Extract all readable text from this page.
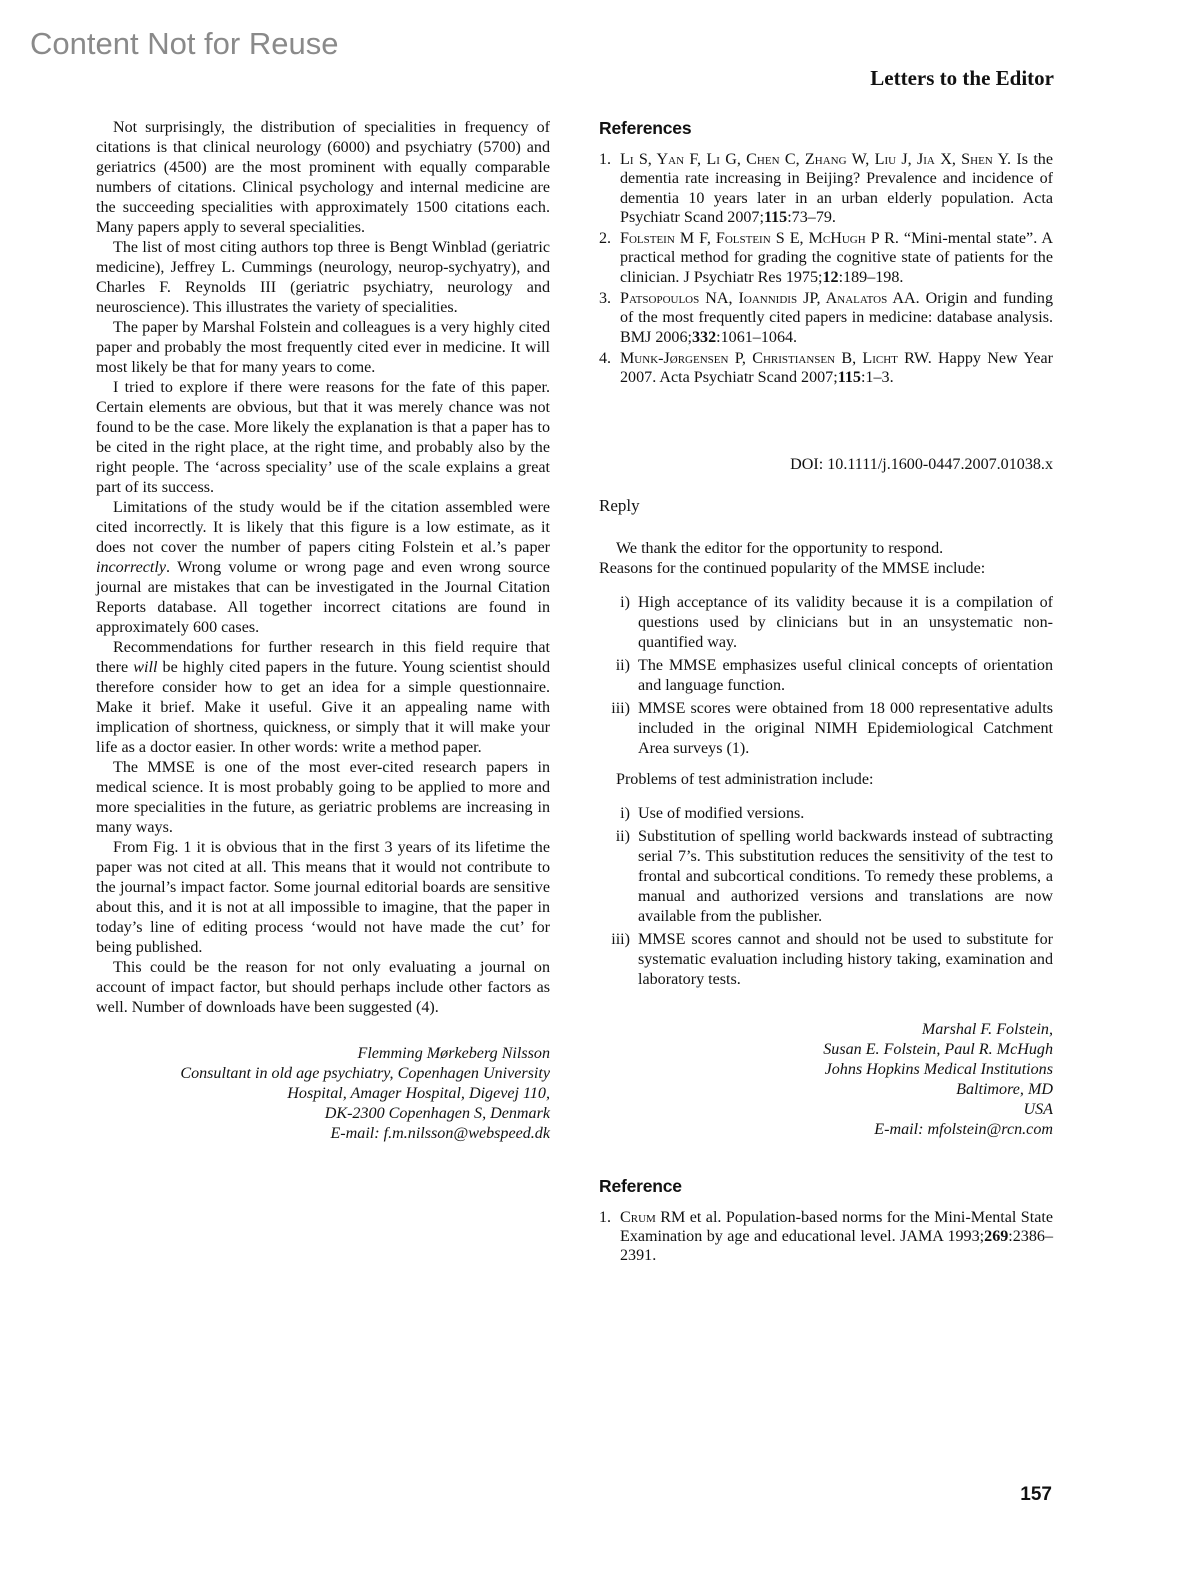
Content Not for Reuse
Letters to the Editor

Not surprisingly, the distribution of specialities in frequency of citations is that clinical neurology (6000) and psychiatry (5700) and geriatrics (4500) are the most prominent with equally comparable numbers of citations. Clinical psychology and internal medicine are the succeeding specialities with approximately 1500 citations each. Many papers apply to several specialities.

The list of most citing authors top three is Bengt Winblad (geriatric medicine), Jeffrey L. Cummings (neurology, neurop-sychyatry), and Charles F. Reynolds III (geriatric psychiatry, neurology and neuroscience). This illustrates the variety of specialities.

The paper by Marshal Folstein and colleagues is a very highly cited paper and probably the most frequently cited ever in medicine. It will most likely be that for many years to come.

I tried to explore if there were reasons for the fate of this paper. Certain elements are obvious, but that it was merely chance was not found to be the case. More likely the explanation is that a paper has to be cited in the right place, at the right time, and probably also by the right people. The ‘across speciality’ use of the scale explains a great part of its success.

Limitations of the study would be if the citation assembled were cited incorrectly. It is likely that this figure is a low estimate, as it does not cover the number of papers citing Folstein et al.’s paper incorrectly. Wrong volume or wrong page and even wrong source journal are mistakes that can be investigated in the Journal Citation Reports database. All together incorrect citations are found in approximately 600 cases.

Recommendations for further research in this field require that there will be highly cited papers in the future. Young scientist should therefore consider how to get an idea for a simple questionnaire. Make it brief. Make it useful. Give it an appealing name with implication of shortness, quickness, or simply that it will make your life as a doctor easier. In other words: write a method paper.

The MMSE is one of the most ever-cited research papers in medical science. It is most probably going to be applied to more and more specialities in the future, as geriatric problems are increasing in many ways.

From Fig. 1 it is obvious that in the first 3 years of its lifetime the paper was not cited at all. This means that it would not contribute to the journal’s impact factor. Some journal editorial boards are sensitive about this, and it is not at all impossible to imagine, that the paper in today’s line of editing process ‘would not have made the cut’ for being published.

This could be the reason for not only evaluating a journal on account of impact factor, but should perhaps include other factors as well. Number of downloads have been suggested (4).

Flemming Mørkeberg Nilsson
Consultant in old age psychiatry, Copenhagen University
Hospital, Amager Hospital, Digevej 110,
DK-2300 Copenhagen S, Denmark
E-mail: f.m.nilsson@webspeed.dk
References
1. Li S, Yan F, Li G, Chen C, Zhang W, Liu J, Jia X, Shen Y. Is the dementia rate increasing in Beijing? Prevalence and incidence of dementia 10 years later in an urban elderly population. Acta Psychiatr Scand 2007;115:73–79.
2. Folstein M F, Folstein S E, McHugh P R. “Mini-mental state”. A practical method for grading the cognitive state of patients for the clinician. J Psychiatr Res 1975;12:189–198.
3. Patsopoulos NA, Ioannidis JP, Analatos AA. Origin and funding of the most frequently cited papers in medicine: database analysis. BMJ 2006;332:1061–1064.
4. Munk-Jørgensen P, Christiansen B, Licht RW. Happy New Year 2007. Acta Psychiatr Scand 2007;115:1–3.
DOI: 10.1111/j.1600-0447.2007.01038.x
Reply
We thank the editor for the opportunity to respond.
Reasons for the continued popularity of the MMSE include:
i) High acceptance of its validity because it is a compilation of questions used by clinicians but in an unsystematic non-quantified way.
ii) The MMSE emphasizes useful clinical concepts of orientation and language function.
iii) MMSE scores were obtained from 18 000 representative adults included in the original NIMH Epidemiological Catchment Area surveys (1).
Problems of test administration include:
i) Use of modified versions.
ii) Substitution of spelling world backwards instead of subtracting serial 7’s. This substitution reduces the sensitivity of the test to frontal and subcortical conditions. To remedy these problems, a manual and authorized versions and translations are now available from the publisher.
iii) MMSE scores cannot and should not be used to substitute for systematic evaluation including history taking, examination and laboratory tests.
Marshal F. Folstein,
Susan E. Folstein, Paul R. McHugh
Johns Hopkins Medical Institutions
Baltimore, MD
USA
E-mail: mfolstein@rcn.com
Reference
1. Crum RM et al. Population-based norms for the Mini-Mental State Examination by age and educational level. JAMA 1993;269:2386–2391.
157
